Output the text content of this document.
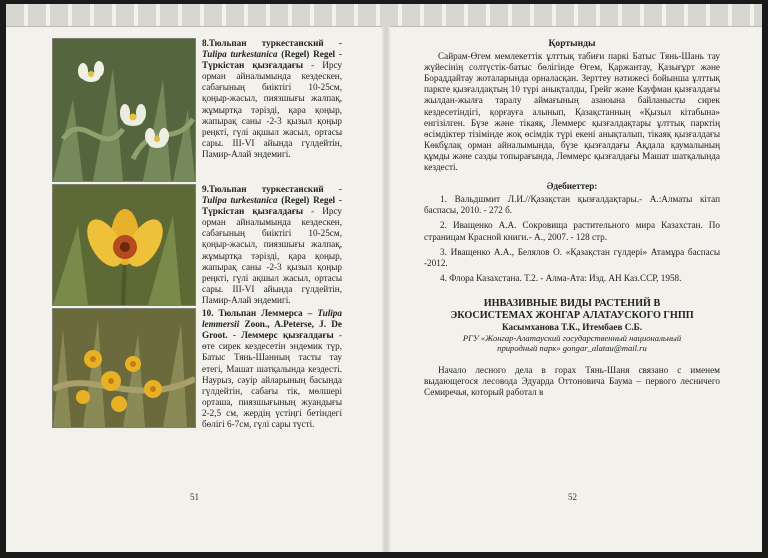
8.Тюльпан туркестанский - Tulipa turkestanica (Regel) Regel - Түркістан қызғалдағы - Ирсу орман айналымында кездескен, сабағының биіктігі 10-25см, қоңыр-жасыл, пиязшығы жалпақ, жұмыртқа тәрізді, қара қоңыр, жапырақ саны -2-3 қызыл қоңыр реңкті, гүлі ақшыл жасыл, ортасы сары. III-VI айында гүлдейтін, Памир-Алай эндемигі.
9.Тюльпан туркестанский - Tulipa turkestanica (Regel) Regel - Түркістан қызғалдағы - Ирсу орман айналымында кездескен, сабағының биіктігі 10-25см, қоңыр-жасыл, пиязшығы жалпақ, жұмыртқа тәрізді, қара қоңыр, жапырақ саны -2-3 қызыл қоңыр реңкті, гүлі ақшыл жасыл, ортасы сары. III-VI айында гүлдейтін, Памир-Алай эндемигі.
10. Тюльпан Леммерса – Tulipa lemmersii Zoon., A.Peterse, J. De Groot. - Леммерс қызғалдағы - өте сирек кездесетін эндемик түр, Батыс Тянь-Шанның тасты тау етегі, Машат шатқалында кездесті. Наурыз, сәуір айларының басында гүлдейтін, сабағы тік, мөлшері орташа, пиязшығының жуандығы 2-2,5 см, жердің үстіңгі бетіндегі бөлігі 6-7см, гүлі сары түсті.
51
Қортынды
Сайрам-Өгем мемлекеттік ұлттық табиғи паркі Батыс Тянь-Шань тау жүйесінің солтүстік-батыс бөлігінде Өгем, Қаржантау, Қазығұрт және Бораддайтау жоталарында орналасқан. Зерттеу нәтижесі бойынша ұлттық паркте қызғалдақтың 10 түрі анықталды, Грейг және Кауфман қызғалдағы жылдан-жылға таралу аймағының азаюына байланысты сирек кездесетіндігі, қорғауға алынып, Қазақстанның «Қызыл кітабына» енгізілген. Бүзе және тікаяқ, Леммерс қызғалдақтары ұлттық парктің өсімдіктер тізіміндe жоқ өсімдік түрі екені анықталып, тікаяқ қызғалдағы Көкбұлақ орман айналымында, бүзе қызғалдағы Ақдала қаумалының құмды және сазды топырағында, Леммерс қызғалдағы Машат шатқалында кездесті.
Әдебиеттер:
1. Вальдшмит Л.И.//Қазақстан қызғалдақтары.- А.:Алматы кітап баспасы, 2010. - 272 б.
2. Иващенко А.А. Сокровища растительного мира Казахстан. По страницам Красной книги.- А., 2007. - 128 стр.
3. Иващенко А.А., Белялов О. «Қазақстан гүлдері» Атамұра баспасы -2012.
4. Флора Казахстана. Т.2. - Алма-Ата: Изд. АН Каз.ССР, 1958.
ИНВАЗИВНЫЕ ВИДЫ РАСТЕНИЙ В
ЭКОСИСТЕМАХ ЖОНГАР АЛАТАУСКОГО ГНПП
Касымханова Т.К., Итембаев С.Б.
РГУ «Жонгар-Алатауский государственный национальный
природный парк» gongar_alatau@mail.ru
Начало лесного дела в горах Тянь-Шаня связано с именем выдающегося лесовода Эдуарда Оттоновича Баума – первого лесничего Семиречья, который работал в
52
